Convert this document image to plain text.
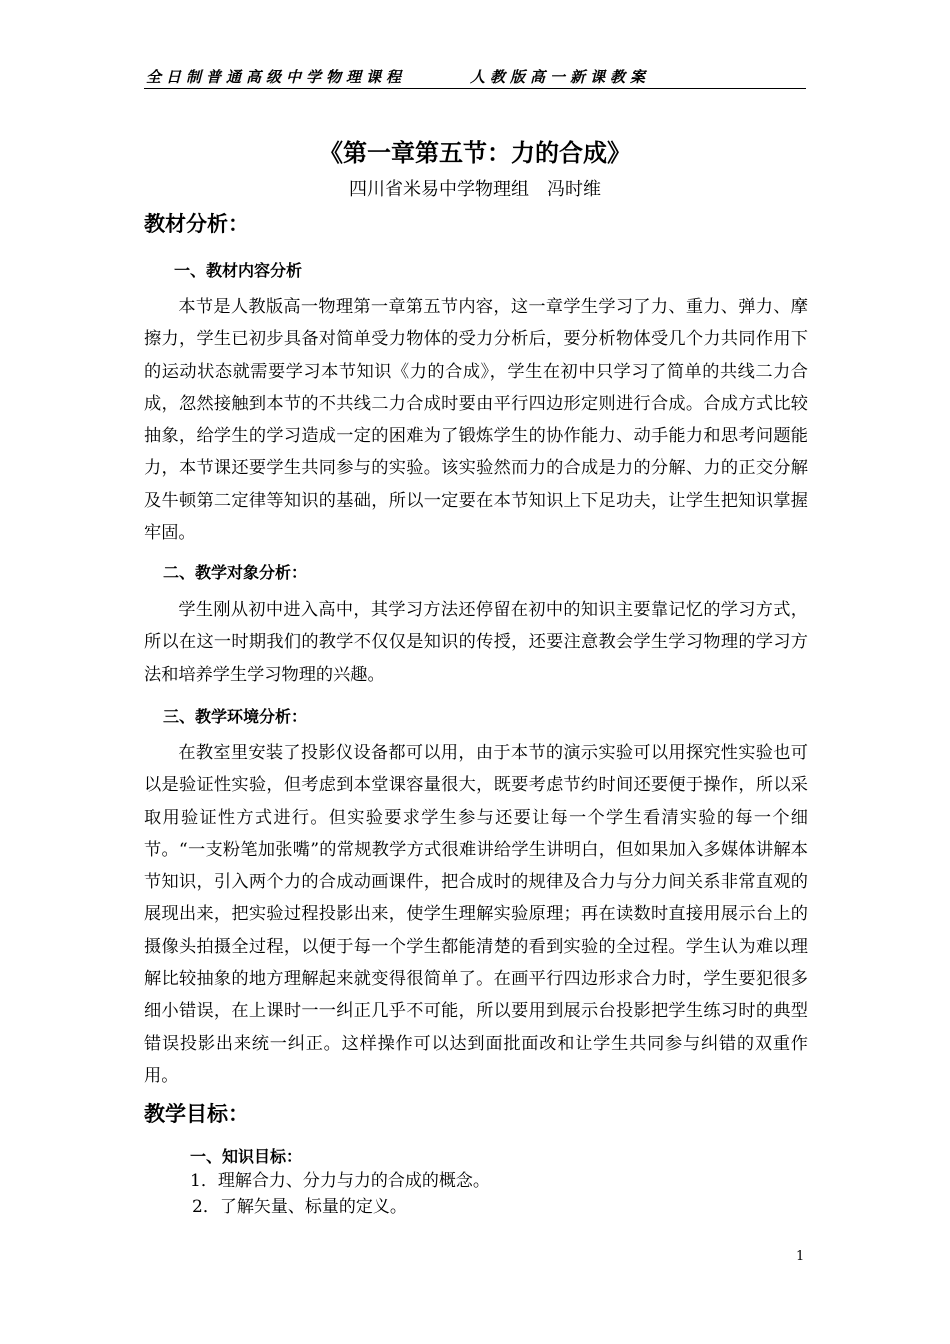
全日制普通高级中学物理课程	人教版高一新课教案
《第一章第五节：力的合成》
四川省米易中学物理组　冯时维
教材分析：
一、教材内容分析

本节是人教版高一物理第一章第五节内容，这一章学生学习了力、重力、弹力、摩擦力，学生已初步具备对简单受力物体的受力分析后，要分析物体受几个力共同作用下的运动状态就需要学习本节知识《力的合成》，学生在初中只学习了简单的共线二力合成，忽然接触到本节的不共线二力合成时要由平行四边形定则进行合成。合成方式比较抽象，给学生的学习造成一定的困难为了锻炼学生的协作能力、动手能力和思考问题能力，本节课还要学生共同参与的实验。该实验然而力的合成是力的分解、力的正交分解及牛顿第二定律等知识的基础，所以一定要在本节知识上下足功夫，让学生把知识掌握牢固。

二、教学对象分析：

学生刚从初中进入高中，其学习方法还停留在初中的知识主要靠记忆的学习方式，所以在这一时期我们的教学不仅仅是知识的传授，还要注意教会学生学习物理的学习方法和培养学生学习物理的兴趣。

三、教学环境分析：

在教室里安装了投影仪设备都可以用，由于本节的演示实验可以用探究性实验也可以是验证性实验，但考虑到本堂课容量很大，既要考虑节约时间还要便于操作，所以采取用验证性方式进行。但实验要求学生参与还要让每一个学生看清实验的每一个细节。“一支粉笔加张嘴”的常规教学方式很难讲给学生讲明白，但如果加入多媒体讲解本节知识，引入两个力的合成动画课件，把合成时的规律及合力与分力间关系非常直观的展现出来，把实验过程投影出来，使学生理解实验原理；再在读数时直接用展示台上的摄像头拍摄全过程，以便于每一个学生都能清楚的看到实验的全过程。学生认为难以理解比较抽象的地方理解起来就变得很简单了。在画平行四边形求合力时，学生要犯很多细小错误，在上课时一一纠正几乎不可能，所以要用到展示台投影把学生练习时的典型错误投影出来统一纠正。这样操作可以达到面批面改和让学生共同参与纠错的双重作用。

教学目标：
一、知识目标：
1．理解合力、分力与力的合成的概念。
2．了解矢量、标量的定义。
1
